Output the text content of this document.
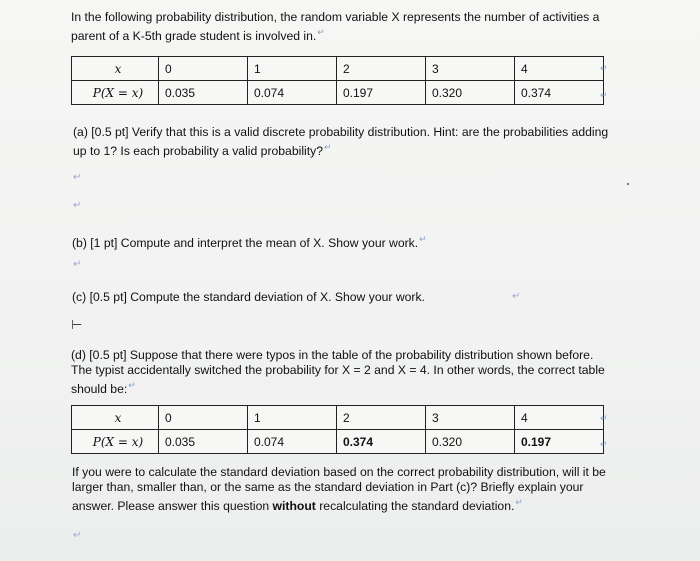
In the following probability distribution, the random variable X represents the number of activities a parent of a K-5th grade student is involved in.↵
x	0	1	2	3	4
P(X = x)	0.035	0.074	0.197	0.320	0.374
↵
↵
(a) [0.5 pt] Verify that this is a valid discrete probability distribution. Hint: are the probabilities adding up to 1? Is each probability a valid probability?↵
↵
↵
(b) [1 pt] Compute and interpret the mean of X. Show your work.↵
↵
(c) [0.5 pt] Compute the standard deviation of X. Show your work.	↵
⊢
(d) [0.5 pt] Suppose that there were typos in the table of the probability distribution shown before. The typist accidentally switched the probability for X = 2 and X = 4. In other words, the correct table should be:↵
x	0	1	2	3	4
P(X = x)	0.035	0.074	0.374	0.320	0.197
↵
↵
If you were to calculate the standard deviation based on the correct probability distribution, will it be larger than, smaller than, or the same as the standard deviation in Part (c)? Briefly explain your answer. Please answer this question without recalculating the standard deviation.↵
↵
